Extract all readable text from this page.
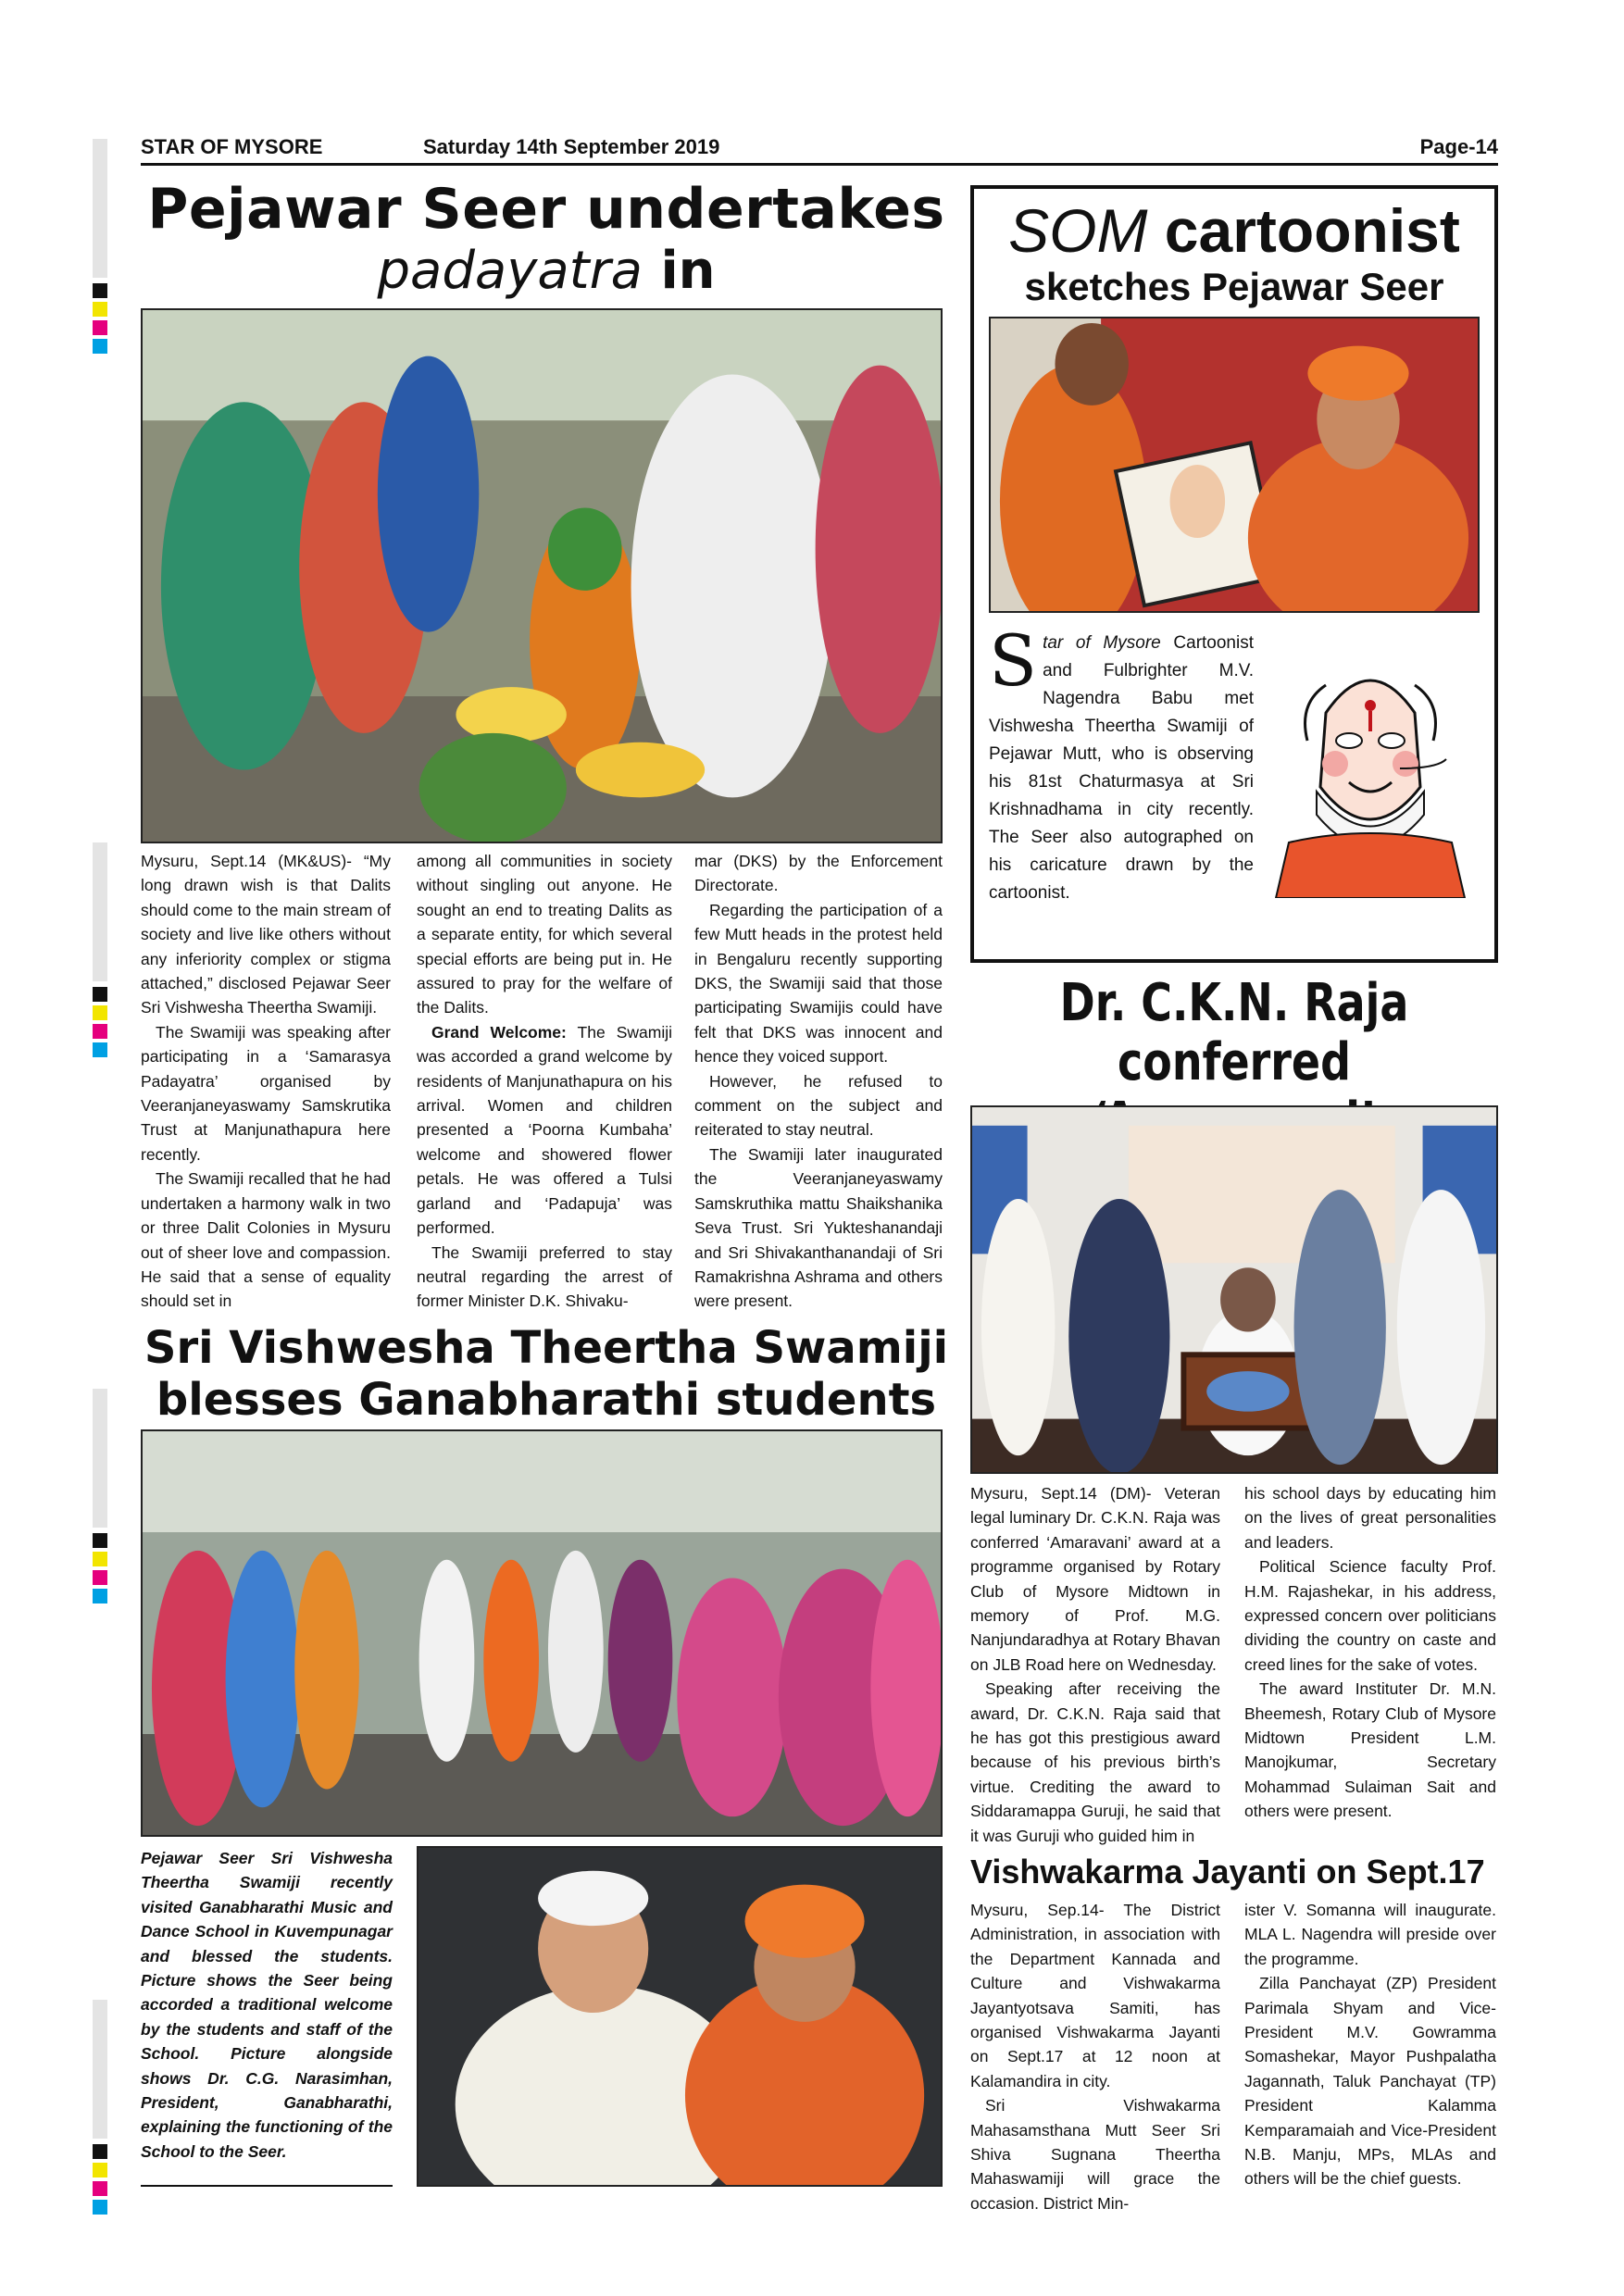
STAR OF MYSORE	Saturday 14th September 2019	Page-14
Pejawar Seer undertakes
padayatra in

Mysuru, Sept.14 (MK&US)- “My long drawn wish is that Dalits should come to the main stream of society and live like others without any inferiority complex or stigma attached,” disclosed Pejawar Seer Sri Vishwesha Theertha Swamiji.

The Swamiji was speaking after participating in a ‘Samarasya Padayatra’ organised by Veeranjaneyaswamy Samskrutika Trust at Manjunathapura here recently.

The Swamiji recalled that he had undertaken a harmony walk in two or three Dalit Colonies in Mysuru out of sheer love and compassion. He said that a sense of equality should set in

among all communities in society without singling out anyone. He sought an end to treating Dalits as a separate entity, for which several special efforts are being put in. He assured to pray for the welfare of the Dalits.

Grand Welcome: The Swamiji was accorded a grand welcome by residents of Manjunathapura on his arrival. Women and children presented a ‘Poorna Kumbaha’ welcome and showered flower petals. He was offered a Tulsi garland and ‘Padapuja’ was performed.

The Swamiji preferred to stay neutral regarding the arrest of former Minister D.K. Shivaku-

mar (DKS) by the Enforcement Directorate.

Regarding the participation of a few Mutt heads in the protest held in Bengaluru recently supporting DKS, the Swamiji said that those participating Swamijis could have felt that DKS was innocent and hence they voiced support.

However, he refused to comment on the subject and reiterated to stay neutral.

The Swamiji later inaugurated the Veeranjaneyaswamy Samskruthika mattu Shaikshanika Seva Trust. Sri Yukteshanandaji and Sri Shivakanthanandaji of Sri Ramakrishna Ashrama and others were present.

SOM cartoonist
sketches Pejawar Seer
Star of Mysore Cartoonist and Fulbrighter M.V. Nagendra Babu met Vishwesha Theertha Swamiji of Pejawar Mutt, who is observing his 81st Chaturmasya at Sri Krishnadhama in city recently. The Seer also autographed on his caricature drawn by the cartoonist.
Dr. C.K.N. Raja conferred

Mysuru, Sept.14 (DM)- Veteran legal luminary Dr. C.K.N. Raja was conferred ‘Amaravani’ award at a programme organised by Rotary Club of Mysore Midtown in memory of Prof. M.G. Nanjundaradhya at Rotary Bhavan on JLB Road here on Wednesday.

Speaking after receiving the award, Dr. C.K.N. Raja said that he has got this prestigious award because of his previous birth’s virtue. Crediting the award to Siddaramappa Guruji, he said that it was Guruji who guided him in

his school days by educating him on the lives of great personalities and leaders.

Political Science faculty Prof. H.M. Rajashekar, in his address, expressed concern over politicians dividing the country on caste and creed lines for the sake of votes.

The award Instituter Dr. M.N. Bheemesh, Rotary Club of Mysore Midtown President L.M. Manojkumar, Secretary Mohammad Sulaiman Sait and others were present.

Sri Vishwesha Theertha Swamiji
blesses Ganabharathi students
Pejawar Seer Sri Vishwesha Theertha Swamiji recently visited Ganabharathi Music and Dance School in Kuvempunagar and blessed the students. Picture shows the Seer being accorded a traditional welcome by the students and staff of the School. Picture alongside shows Dr. C.G. Narasimhan, President, Ganabharathi, explaining the functioning of the School to the Seer.
Vishwakarma Jayanti on Sept.17

Mysuru, Sep.14- The District Administration, in association with the Department Kannada and Culture and Vishwakarma Jayantyotsava Samiti, has organised Vishwakarma Jayanti on Sept.17 at 12 noon at Kalamandira in city.

Sri Vishwakarma Mahasamsthana Mutt Seer Sri Shiva Sugnana Theertha Mahaswamiji will grace the occasion. District Min-

ister V. Somanna will inaugurate. MLA L. Nagendra will preside over the programme.

Zilla Panchayat (ZP) President Parimala Shyam and Vice-President M.V. Gowramma Somashekar, Mayor Pushpalatha Jagannath, Taluk Panchayat (TP) President Kalamma Kemparamaiah and Vice-President N.B. Manju, MPs, MLAs and others will be the chief guests.
